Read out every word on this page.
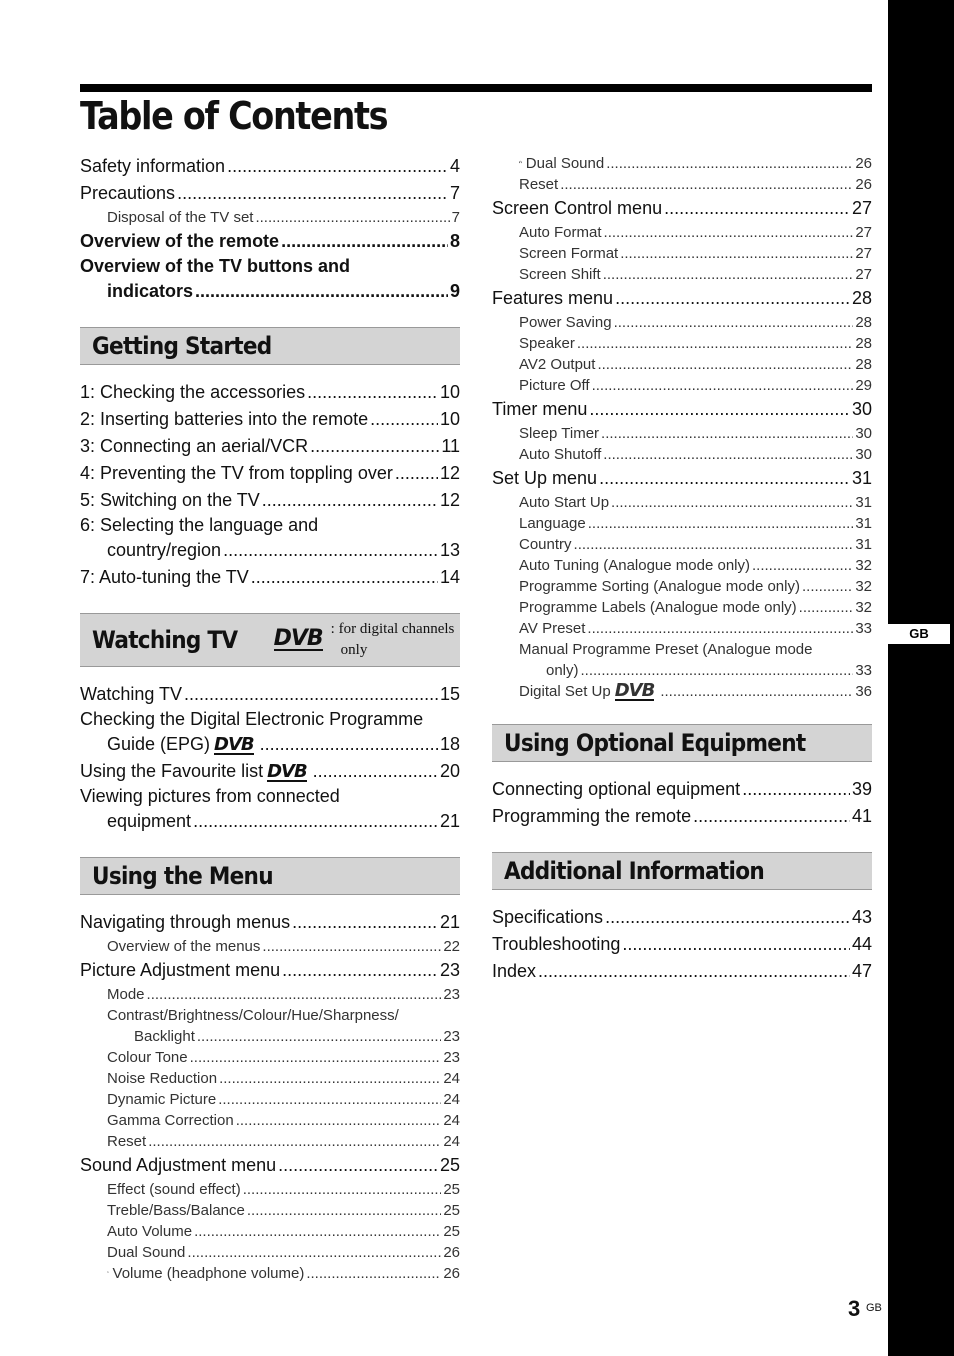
GB
Table of Contents
Safety information .....	4
Precautions .....	7
Disposal of the TV set .....	7
Overview of the remote .....	8
Overview of the TV buttons and
indicators .....	9
Getting Started
1: Checking the accessories .....	10
2: Inserting batteries into the remote .....	10
3: Connecting an aerial/VCR .....	11
4: Preventing the TV from toppling over .....	12
5: Switching on the TV .....	12
6: Selecting the language and
country/region .....	13
7: Auto-tuning the TV .....	14
Watching TV DVB : for digital channels
only
Watching TV .....	15
Checking the Digital Electronic Programme
Guide (EPG) DVB .....	18
Using the Favourite list DVB .....	20
Viewing pictures from connected
equipment .....	21
Using the Menu
Navigating through menus .....	21
Overview of the menus .....	22
Picture Adjustment menu .....	23
Mode .....	23
Contrast/Brightness/Colour/Hue/Sharpness/
Backlight .....	23
Colour Tone .....	23
Noise Reduction .....	24
Dynamic Picture .....	24
Gamma Correction .....	24
Reset .....	24
Sound Adjustment menu .....	25
Effect (sound effect) .....	25
Treble/Bass/Balance .....	25
Auto Volume .....	25
Dual Sound .....	26
Volume (headphone volume) .....	26
Dual Sound .....	26
Reset .....	26
Screen Control menu .....	27
Auto Format .....	27
Screen Format .....	27
Screen Shift .....	27
Features menu .....	28
Power Saving .....	28
Speaker .....	28
AV2 Output .....	28
Picture Off .....	29
Timer menu .....	30
Sleep Timer .....	30
Auto Shutoff .....	30
Set Up menu .....	31
Auto Start Up .....	31
Language .....	31
Country .....	31
Auto Tuning (Analogue mode only) .....	32
Programme Sorting (Analogue mode only) .....	32
Programme Labels (Analogue mode only) .....	32
AV Preset .....	33
Manual Programme Preset (Analogue mode
only) .....	33
Digital Set Up DVB .....	36
Using Optional Equipment
Connecting optional equipment .....	39
Programming the remote .....	41
Additional Information
Specifications .....	43
Troubleshooting .....	44
Index .....	47
3 GB
